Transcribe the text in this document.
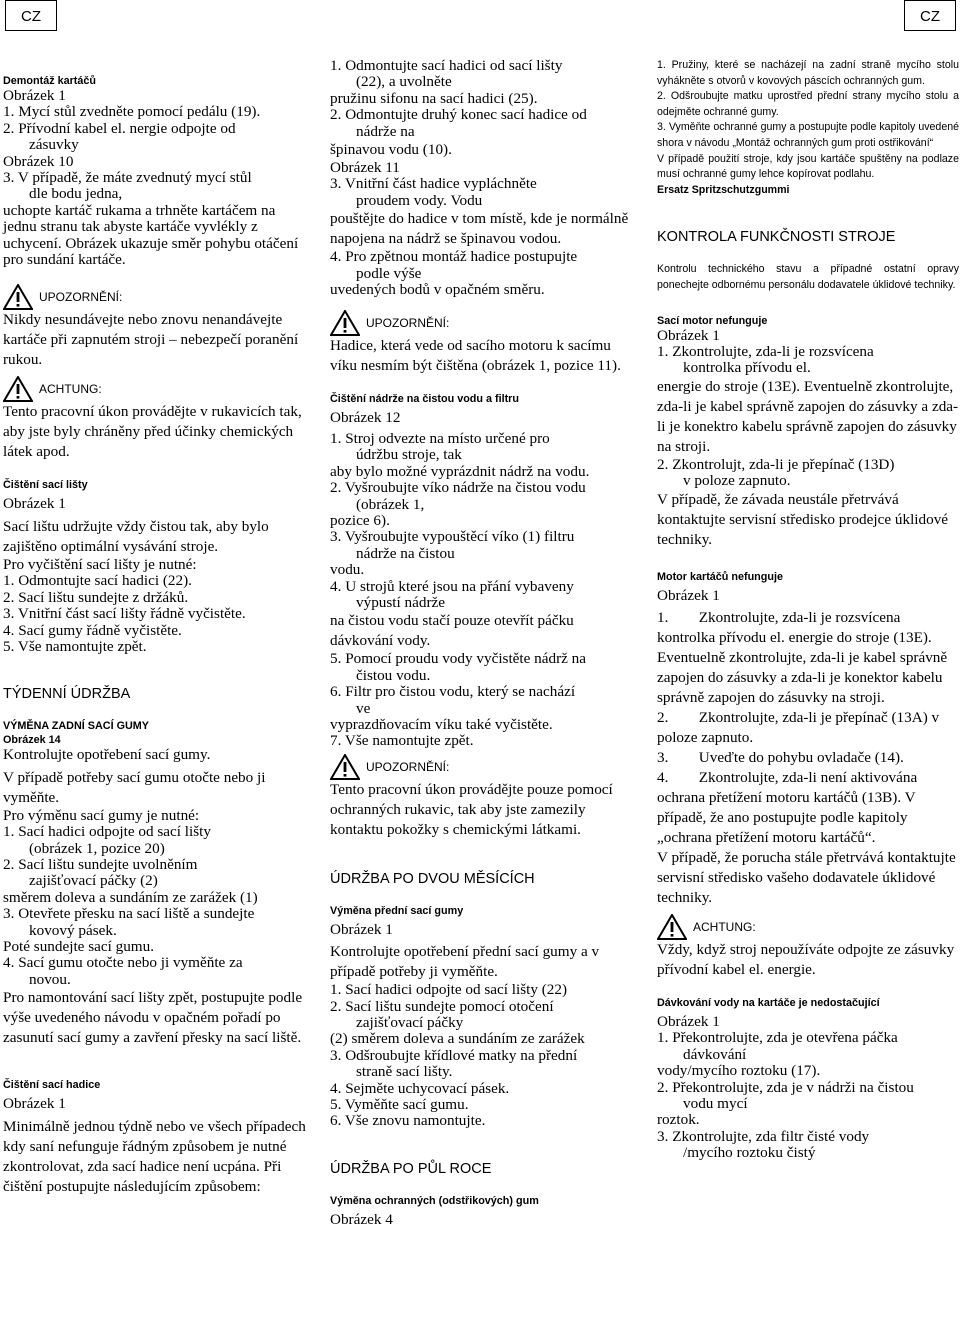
CZ	CZ

Demontáž kartáčů

Obrázek 1

1. Mycí stůl zvedněte pomocí pedálu (19).

2. Přívodní kabel el. nergie odpojte od
zásuvky

Obrázek 10

3. V případě, že máte zvednutý mycí stůl
dle bodu jedna,

uchopte kartáč rukama a trhněte kartáčem na jednu stranu tak abyste kartáče vyvlékly z uchycení. Obrázek ukazuje směr pohybu otáčení pro sundání kartáče.

UPOZORNĚNÍ:

Nikdy nesundávejte nebo znovu nenandávejte kartáče při zapnutém stroji – nebezpečí poranění rukou.

ACHTUNG:

Tento pracovní úkon provádějte v rukavicích tak, aby jste byly chráněny před účinky chemických látek apod.

Čištění sací lišty

Obrázek 1

Sací lištu udržujte vždy čistou tak, aby bylo zajištěno optimální vysávání stroje.

Pro vyčištění sací lišty je nutné:

1. Odmontujte sací hadici (22).

2. Sací lištu sundejte z držáků.

3. Vnitřní část sací lišty řádně vyčistěte.

4. Sací gumy řádně vyčistěte.

5. Vše namontujte zpět.

TÝDENNÍ ÚDRŽBA

VÝMĚNA ZADNÍ SACÍ GUMY

Obrázek 14

Kontrolujte opotřebení sací gumy.

V případě potřeby sací gumu otočte nebo ji vyměňte.

Pro výměnu sací gumy je nutné:

1. Sací hadici odpojte od sací lišty
(obrázek 1, pozice 20)

2. Sací lištu sundejte uvolněním
zajišťovací páčky (2)

směrem doleva a sundáním ze zarážek (1)

3. Otevřete přesku na sací liště a sundejte
kovový pásek.

Poté sundejte sací gumu.

4. Sací gumu otočte nebo ji vyměňte za
novou.

Pro namontování sací lišty zpět, postupujte podle výše uvedeného návodu v opačném pořadí po zasunutí sací gumy a zavření přesky na sací liště.

Čištění sací hadice

Obrázek 1

Minimálně jednou týdně nebo ve všech případech kdy saní nefunguje řádným způsobem je nutné zkontrolovat, zda sací hadice není ucpána. Při čištění postupujte následujícím způsobem:

1. Odmontujte sací hadici od sací lišty
(22), a uvolněte

pružinu sifonu na sací hadici (25).

2. Odmontujte druhý konec sací hadice od
nádrže na

špinavou vodu (10).

Obrázek 11

3. Vnitřní část hadice vypláchněte
proudem vody. Vodu

pouštějte do hadice v tom místě, kde je normálně napojena na nádrž se špinavou vodou.

4. Pro zpětnou montáž hadice postupujte
podle výše

uvedených bodů v opačném směru.

UPOZORNĚNÍ:

Hadice, která vede od sacího motoru k sacímu víku nesmím být čištěna (obrázek 1, pozice 11).

Čištění nádrže na čistou vodu a filtru

Obrázek 12

1. Stroj odvezte na místo určené pro
údržbu stroje, tak

aby bylo možné vyprázdnit nádrž na vodu.

2. Vyšroubujte víko nádrže na čistou vodu
(obrázek 1,

pozice 6).

3. Vyšroubujte vypouštěcí víko (1) filtru
nádrže na čistou

vodu.

4. U strojů které jsou na přání vybaveny
výpustí nádrže

na čistou vodu stačí pouze otevřít páčku dávkování vody.

5. Pomocí proudu vody vyčistěte nádrž na
čistou vodu.

6. Filtr pro čistou vodu, který se nachází
ve

vyprazdňovacím víku také vyčistěte.

7. Vše namontujte zpět.

UPOZORNĚNÍ:

Tento pracovní úkon provádějte pouze pomocí ochranných rukavic, tak aby jste zamezily kontaktu pokožky s chemickými látkami.

ÚDRŽBA PO DVOU MĚSÍCÍCH

Výměna přední sací gumy

Obrázek 1

Kontrolujte opotřebení přední sací gumy a v případě potřeby ji vyměňte.

1. Sací hadici odpojte od sací lišty (22)

2. Sací lištu sundejte pomocí otočení
zajišťovací páčky

(2) směrem doleva a sundáním ze zarážek

3. Odšroubujte křídlové matky na přední
straně sací lišty.

4. Sejměte uchycovací pásek.

5. Vyměňte sací gumu.

6. Vše znovu namontujte.

ÚDRŽBA PO PŮL ROCE

Výměna ochranných (odstřikových) gum

Obrázek 4

1. Pružiny, které se nacházejí na zadní straně mycího stolu vyhákněte s otvorů v kovových páscích ochranných gum.

2. Odšroubujte matku uprostřed přední strany mycího stolu a odejměte ochranné gumy.

3. Vyměňte ochranné gumy a postupujte podle kapitoly uvedené shora v návodu „Montáž ochranných gum proti ostřikování“

V případě použití stroje, kdy jsou kartáče spuštěny na podlaze musí ochranné gumy lehce kopírovat podlahu.

Ersatz Spritzschutzgummi

KONTROLA FUNKČNOSTI STROJE

Kontrolu technického stavu a případné ostatní opravy ponechejte odbornému personálu dodavatele úklidové techniky.

Sací motor nefunguje

Obrázek 1

1. Zkontrolujte, zda-li je rozsvícena
kontrolka přívodu el.

energie do stroje (13E). Eventuelně zkontrolujte, zda-li je kabel správně zapojen do zásuvky a zda-li je konektro kabelu správně zapojen do zásuvky na stroji.

2. Zkontrolujt, zda-li je přepínač (13D)
v poloze zapnuto.

V případě, že závada neustále přetrvává kontaktujte servisní středisko prodejce úklidové techniky.

Motor kartáčů nefunguje

Obrázek 1

1.        Zkontrolujte, zda-li je rozsvícena kontrolka přívodu el. energie do stroje (13E). Eventuelně zkontrolujte, zda-li je kabel správně zapojen do zásuvky a zda-li je konektor kabelu správně zapojen do zásuvky na stroji.

2.        Zkontrolujte, zda-li je přepínač (13A) v poloze zapnuto.

3.        Uveďte do pohybu ovladače (14).

4.        Zkontrolujte, zda-li není aktivována ochrana přetížení motoru kartáčů (13B). V případě, že ano postupujte podle kapitoly „ochrana přetížení motoru kartáčů“.

V případě, že porucha stále přetrvává kontaktujte servisní středisko vašeho dodavatele úklidové techniky.

ACHTUNG:

Vždy, když stroj nepoužíváte odpojte ze zásuvky přívodní kabel el. energie.

Dávkování vody na kartáče je nedostačující

Obrázek 1

1. Překontrolujte, zda je otevřena páčka
dávkování

vody/mycího roztoku (17).

2. Překontrolujte, zda je v nádrži na čistou
vodu mycí

roztok.

3. Zkontrolujte, zda filtr čisté vody
/mycího roztoku čistý
